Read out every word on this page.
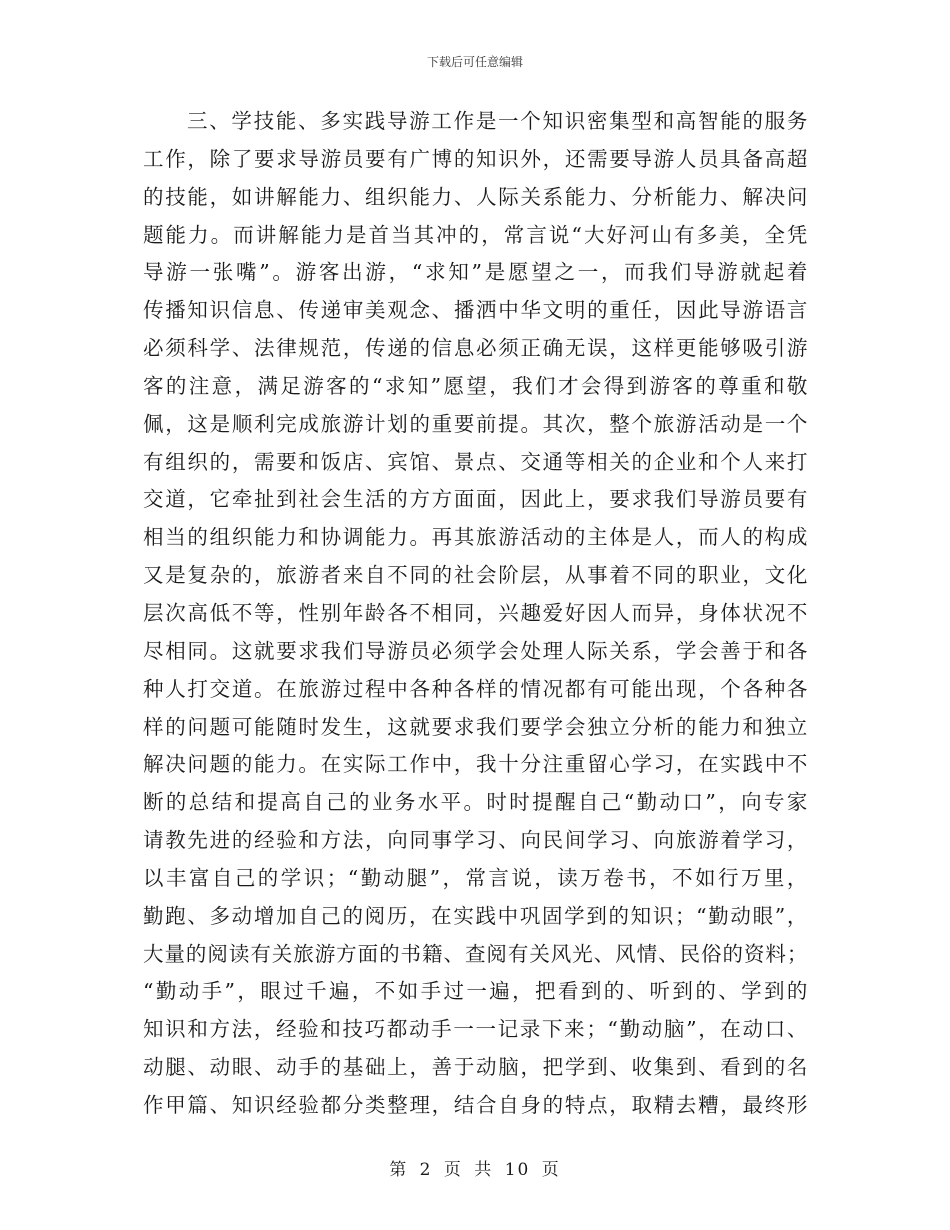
下载后可任意编辑
三、学技能、多实践导游工作是一个知识密集型和高智能的服务
工作，除了要求导游员要有广博的知识外，还需要导游人员具备高超
的技能，如讲解能力、组织能力、人际关系能力、分析能力、解决问
题能力。而讲解能力是首当其冲的，常言说“大好河山有多美，全凭
导游一张嘴”。游客出游，“求知”是愿望之一，而我们导游就起着
传播知识信息、传递审美观念、播洒中华文明的重任，因此导游语言
必须科学、法律规范，传递的信息必须正确无误，这样更能够吸引游
客的注意，满足游客的“求知”愿望，我们才会得到游客的尊重和敬
佩，这是顺利完成旅游计划的重要前提。其次，整个旅游活动是一个
有组织的，需要和饭店、宾馆、景点、交通等相关的企业和个人来打
交道，它牵扯到社会生活的方方面面，因此上，要求我们导游员要有
相当的组织能力和协调能力。再其旅游活动的主体是人，而人的构成
又是复杂的，旅游者来自不同的社会阶层，从事着不同的职业，文化
层次高低不等，性别年龄各不相同，兴趣爱好因人而异，身体状况不
尽相同。这就要求我们导游员必须学会处理人际关系，学会善于和各
种人打交道。在旅游过程中各种各样的情况都有可能出现，个各种各
样的问题可能随时发生，这就要求我们要学会独立分析的能力和独立
解决问题的能力。在实际工作中，我十分注重留心学习，在实践中不
断的总结和提高自己的业务水平。时时提醒自己“勤动口”，向专家
请教先进的经验和方法，向同事学习、向民间学习、向旅游着学习，
以丰富自己的学识；“勤动腿”，常言说，读万卷书，不如行万里，
勤跑、多动增加自己的阅历，在实践中巩固学到的知识；“勤动眼”，
大量的阅读有关旅游方面的书籍、查阅有关风光、风情、民俗的资料；
“勤动手”，眼过千遍，不如手过一遍，把看到的、听到的、学到的
知识和方法，经验和技巧都动手一一记录下来；“勤动脑”，在动口、
动腿、动眼、动手的基础上，善于动脑，把学到、收集到、看到的名
作甲篇、知识经验都分类整理，结合自身的特点，取精去糟，最终形
第 2 页 共 10 页
